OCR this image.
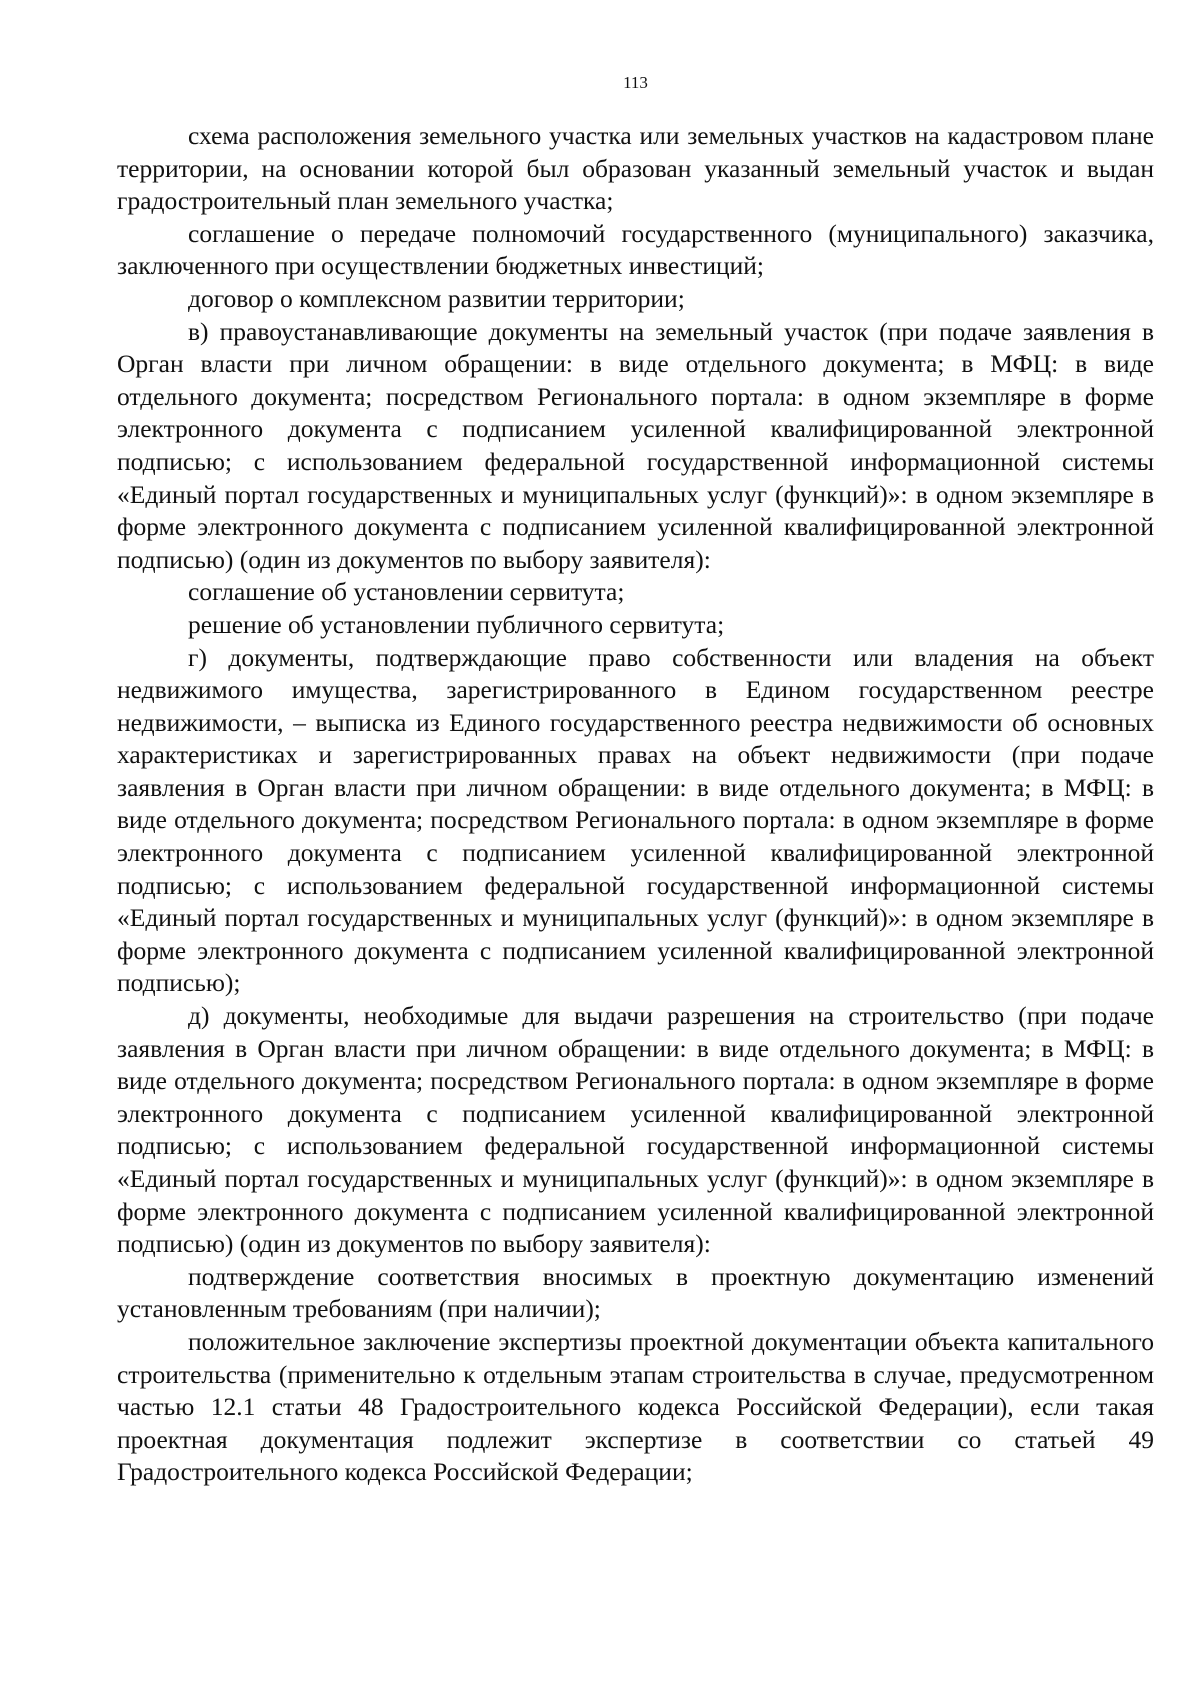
113

схема расположения земельного участка или земельных участков на кадастровом плане территории, на основании которой был образован указанный земельный участок и выдан градостроительный план земельного участка;

соглашение о передаче полномочий государственного (муниципального) заказчика, заключенного при осуществлении бюджетных инвестиций;

договор о комплексном развитии территории;

в) правоустанавливающие документы на земельный участок (при подаче заявления в Орган власти при личном обращении: в виде отдельного документа; в МФЦ: в виде отдельного документа; посредством Регионального портала: в одном экземпляре в форме электронного документа с подписанием усиленной квалифицированной электронной подписью; с использованием федеральной государственной информационной системы «Единый портал государственных и муниципальных услуг (функций)»: в одном экземпляре в форме электронного документа с подписанием усиленной квалифицированной электронной подписью) (один из документов по выбору заявителя):

соглашение об установлении сервитута;

решение об установлении публичного сервитута;

г) документы, подтверждающие право собственности или владения на объект недвижимого имущества, зарегистрированного в Едином государственном реестре недвижимости, – выписка из Единого государственного реестра недвижимости об основных характеристиках и зарегистрированных правах на объект недвижимости (при подаче заявления в Орган власти при личном обращении: в виде отдельного документа; в МФЦ: в виде отдельного документа; посредством Регионального портала: в одном экземпляре в форме электронного документа с подписанием усиленной квалифицированной электронной подписью; с использованием федеральной государственной информационной системы «Единый портал государственных и муниципальных услуг (функций)»: в одном экземпляре в форме электронного документа с подписанием усиленной квалифицированной электронной подписью);

д) документы, необходимые для выдачи разрешения на строительство (при подаче заявления в Орган власти при личном обращении: в виде отдельного документа; в МФЦ: в виде отдельного документа; посредством Регионального портала: в одном экземпляре в форме электронного документа с подписанием усиленной квалифицированной электронной подписью; с использованием федеральной государственной информационной системы «Единый портал государственных и муниципальных услуг (функций)»: в одном экземпляре в форме электронного документа с подписанием усиленной квалифицированной электронной подписью) (один из документов по выбору заявителя):

подтверждение соответствия вносимых в проектную документацию изменений установленным требованиям (при наличии);

положительное заключение экспертизы проектной документации объекта капитального строительства (применительно к отдельным этапам строительства в случае, предусмотренном частью 12.1 статьи 48 Градостроительного кодекса Российской Федерации), если такая проектная документация подлежит экспертизе в соответствии со статьей 49 Градостроительного кодекса Российской Федерации;
